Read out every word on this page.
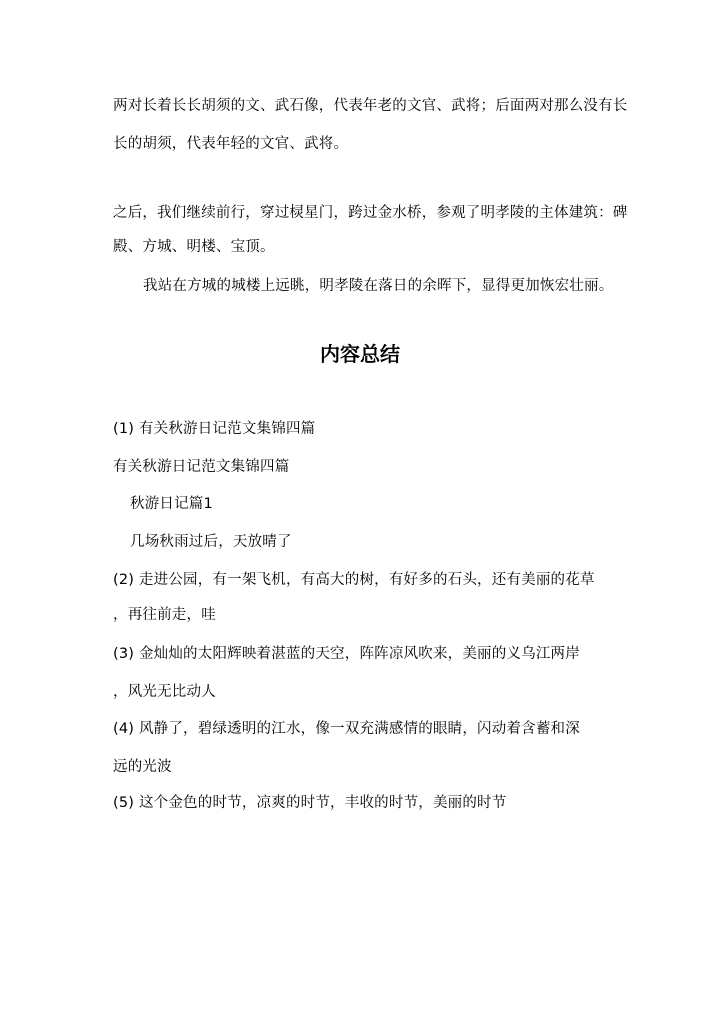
两对长着长长胡须的文、武石像，代表年老的文官、武将；后面两对那么没有长
长的胡须，代表年轻的文官、武将。
之后，我们继续前行，穿过棂星门，跨过金水桥，参观了明孝陵的主体建筑：碑
殿、方城、明楼、宝顶。
我站在方城的城楼上远眺，明孝陵在落日的余晖下，显得更加恢宏壮丽。
内容总结
(1) 有关秋游日记范文集锦四篇
有关秋游日记范文集锦四篇
秋游日记篇1
几场秋雨过后，天放晴了
(2) 走进公园，有一架飞机，有高大的树，有好多的石头，还有美丽的花草
，再往前走，哇
(3) 金灿灿的太阳辉映着湛蓝的天空，阵阵凉风吹来，美丽的义乌江两岸
，风光无比动人
(4) 风静了，碧绿透明的江水，像一双充满感情的眼睛，闪动着含蓄和深
远的光波
(5) 这个金色的时节，凉爽的时节，丰收的时节，美丽的时节
